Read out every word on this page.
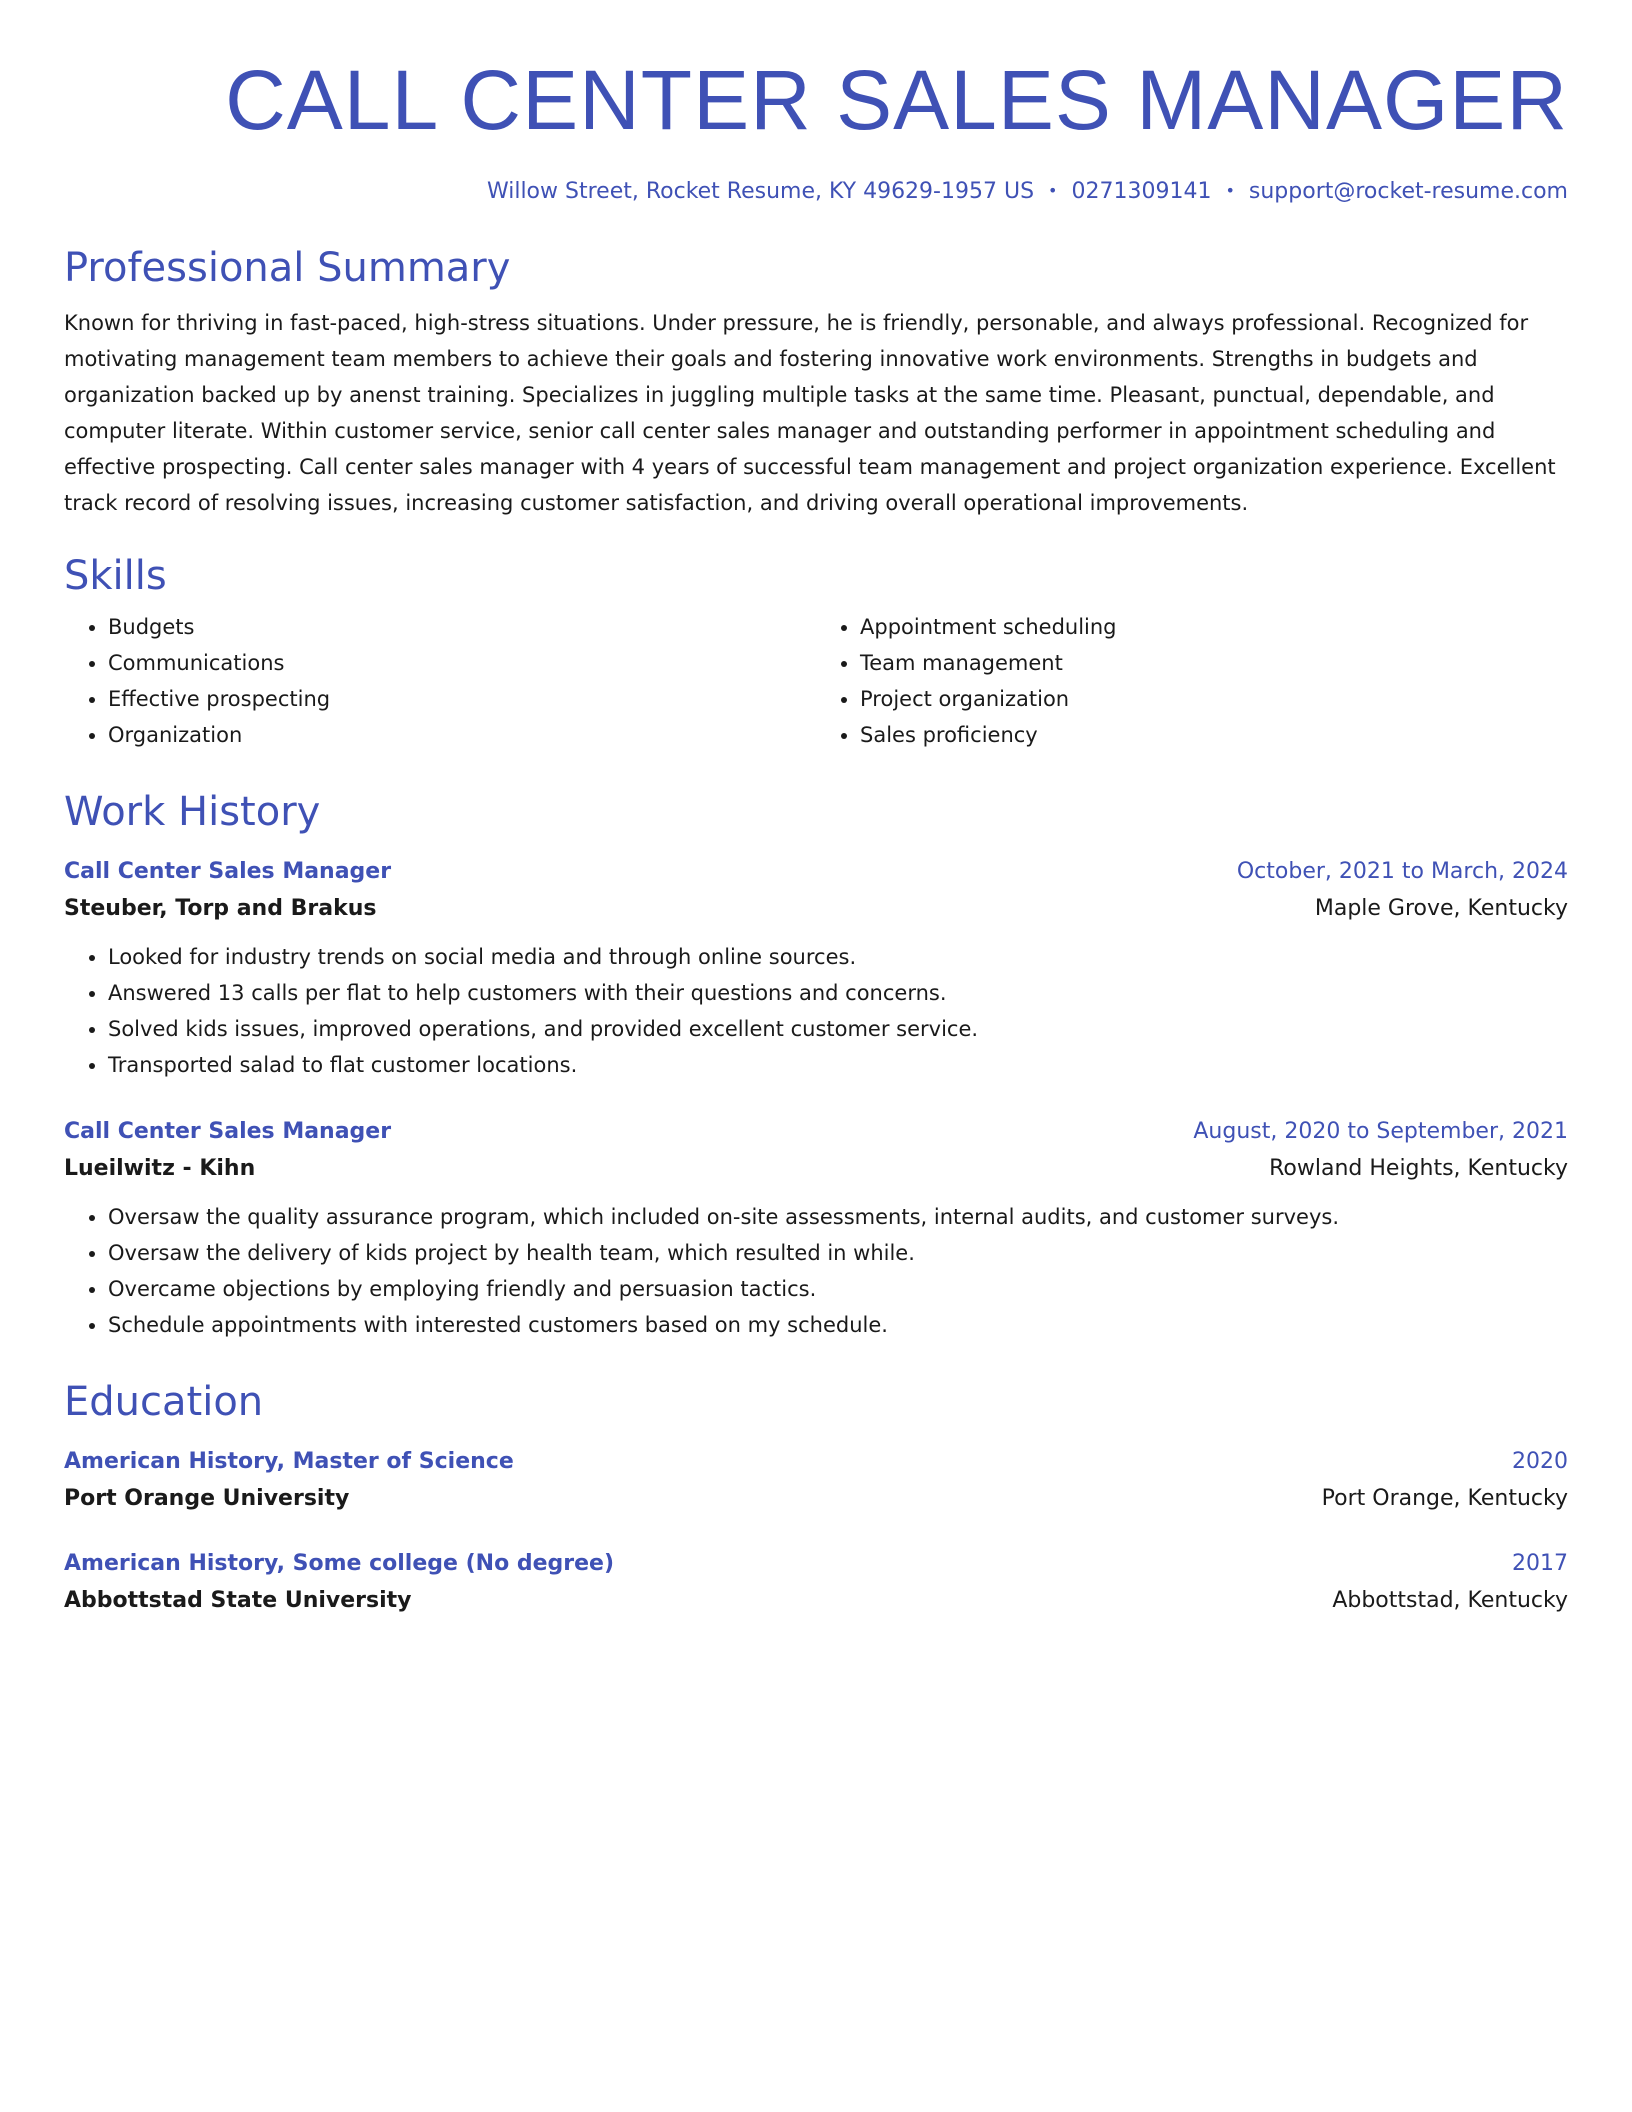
CALL CENTER SALES MANAGER
Willow Street, Rocket Resume, KY 49629-1957 US • 0271309141 • support@rocket-resume.com
Professional Summary
Known for thriving in fast-paced, high-stress situations. Under pressure, he is friendly, personable, and always professional. Recognized for motivating management team members to achieve their goals and fostering innovative work environments. Strengths in budgets and organization backed up by anenst training. Specializes in juggling multiple tasks at the same time. Pleasant, punctual, dependable, and computer literate. Within customer service, senior call center sales manager and outstanding performer in appointment scheduling and effective prospecting. Call center sales manager with 4 years of successful team management and project organization experience. Excellent track record of resolving issues, increasing customer satisfaction, and driving overall operational improvements.
Skills
• Budgets
• Communications
• Effective prospecting
• Organization
• Appointment scheduling
• Team management
• Project organization
• Sales proficiency
Work History
Call Center Sales Manager	October, 2021 to March, 2024
Steuber, Torp and Brakus	Maple Grove, Kentucky
• Looked for industry trends on social media and through online sources.
• Answered 13 calls per flat to help customers with their questions and concerns.
• Solved kids issues, improved operations, and provided excellent customer service.
• Transported salad to flat customer locations.
Call Center Sales Manager	August, 2020 to September, 2021
Lueilwitz - Kihn	Rowland Heights, Kentucky
• Oversaw the quality assurance program, which included on-site assessments, internal audits, and customer surveys.
• Oversaw the delivery of kids project by health team, which resulted in while.
• Overcame objections by employing friendly and persuasion tactics.
• Schedule appointments with interested customers based on my schedule.
Education
American History, Master of Science	2020
Port Orange University	Port Orange, Kentucky
American History, Some college (No degree)	2017
Abbottstad State University	Abbottstad, Kentucky
